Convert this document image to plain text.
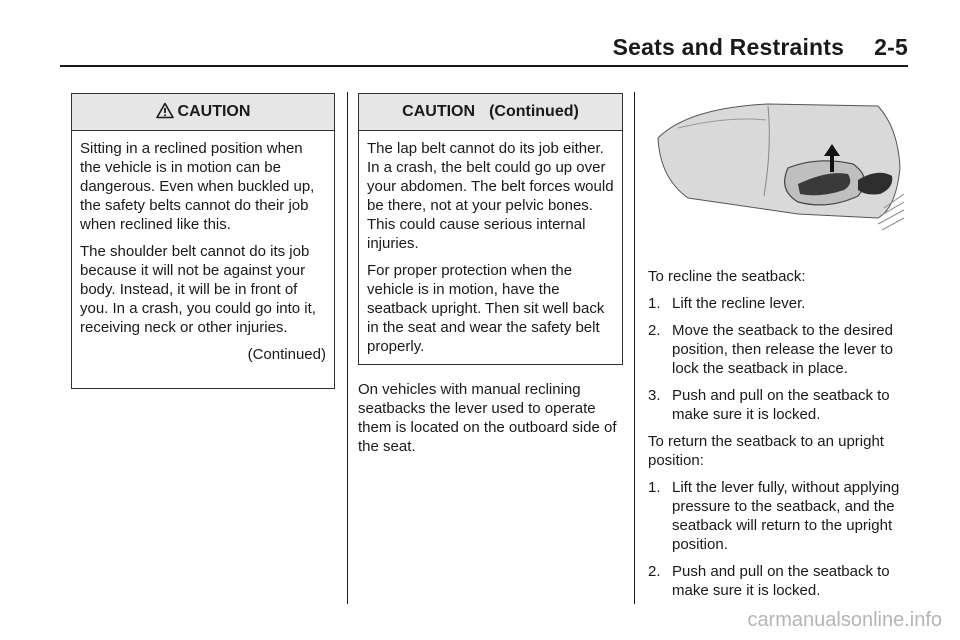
Seats and Restraints 2-5
CAUTION

Sitting in a reclined position when the vehicle is in motion can be dangerous. Even when buckled up, the safety belts cannot do their job when reclined like this.

The shoulder belt cannot do its job because it will not be against your body. Instead, it will be in front of you. In a crash, you could go into it, receiving neck or other injuries.

(Continued)
CAUTION (Continued)

The lap belt cannot do its job either. In a crash, the belt could go up over your abdomen. The belt forces would be there, not at your pelvic bones. This could cause serious internal injuries.

For proper protection when the vehicle is in motion, have the seatback upright. Then sit well back in the seat and wear the safety belt properly.

On vehicles with manual reclining seatbacks the lever used to operate them is located on the outboard side of the seat.

To recline the seatback:

1. Lift the recline lever.
2. Move the seatback to the desired position, then release the lever to lock the seatback in place.
3. Push and pull on the seatback to make sure it is locked.

To return the seatback to an upright position:

1. Lift the lever fully, without applying pressure to the seatback, and the seatback will return to the upright position.
2. Push and pull on the seatback to make sure it is locked.
carmanualsonline.info
